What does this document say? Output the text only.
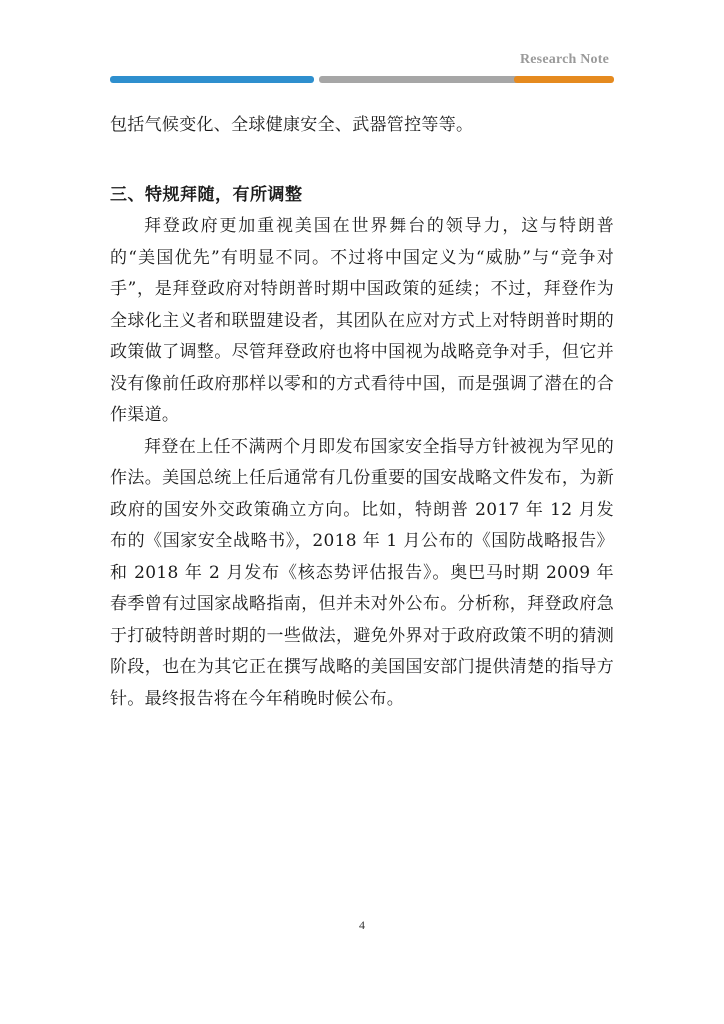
Research Note

包括气候变化、全球健康安全、武器管控等等。

三、特规拜随，有所调整

拜登政府更加重视美国在世界舞台的领导力，这与特朗普的“美国优先”有明显不同。不过将中国定义为“威胁”与“竞争对手”，是拜登政府对特朗普时期中国政策的延续；不过，拜登作为全球化主义者和联盟建设者，其团队在应对方式上对特朗普时期的政策做了调整。尽管拜登政府也将中国视为战略竞争对手，但它并没有像前任政府那样以零和的方式看待中国，而是强调了潜在的合作渠道。

拜登在上任不满两个月即发布国家安全指导方针被视为罕见的作法。美国总统上任后通常有几份重要的国安战略文件发布，为新政府的国安外交政策确立方向。比如，特朗普 2017 年 12 月发布的《国家安全战略书》，2018 年 1 月公布的《国防战略报告》和 2018 年 2 月发布《核态势评估报告》。奥巴马时期 2009 年春季曾有过国家战略指南，但并未对外公布。分析称，拜登政府急于打破特朗普时期的一些做法，避免外界对于政府政策不明的猜测阶段，也在为其它正在撰写战略的美国国安部门提供清楚的指导方针。最终报告将在今年稍晚时候公布。

4
